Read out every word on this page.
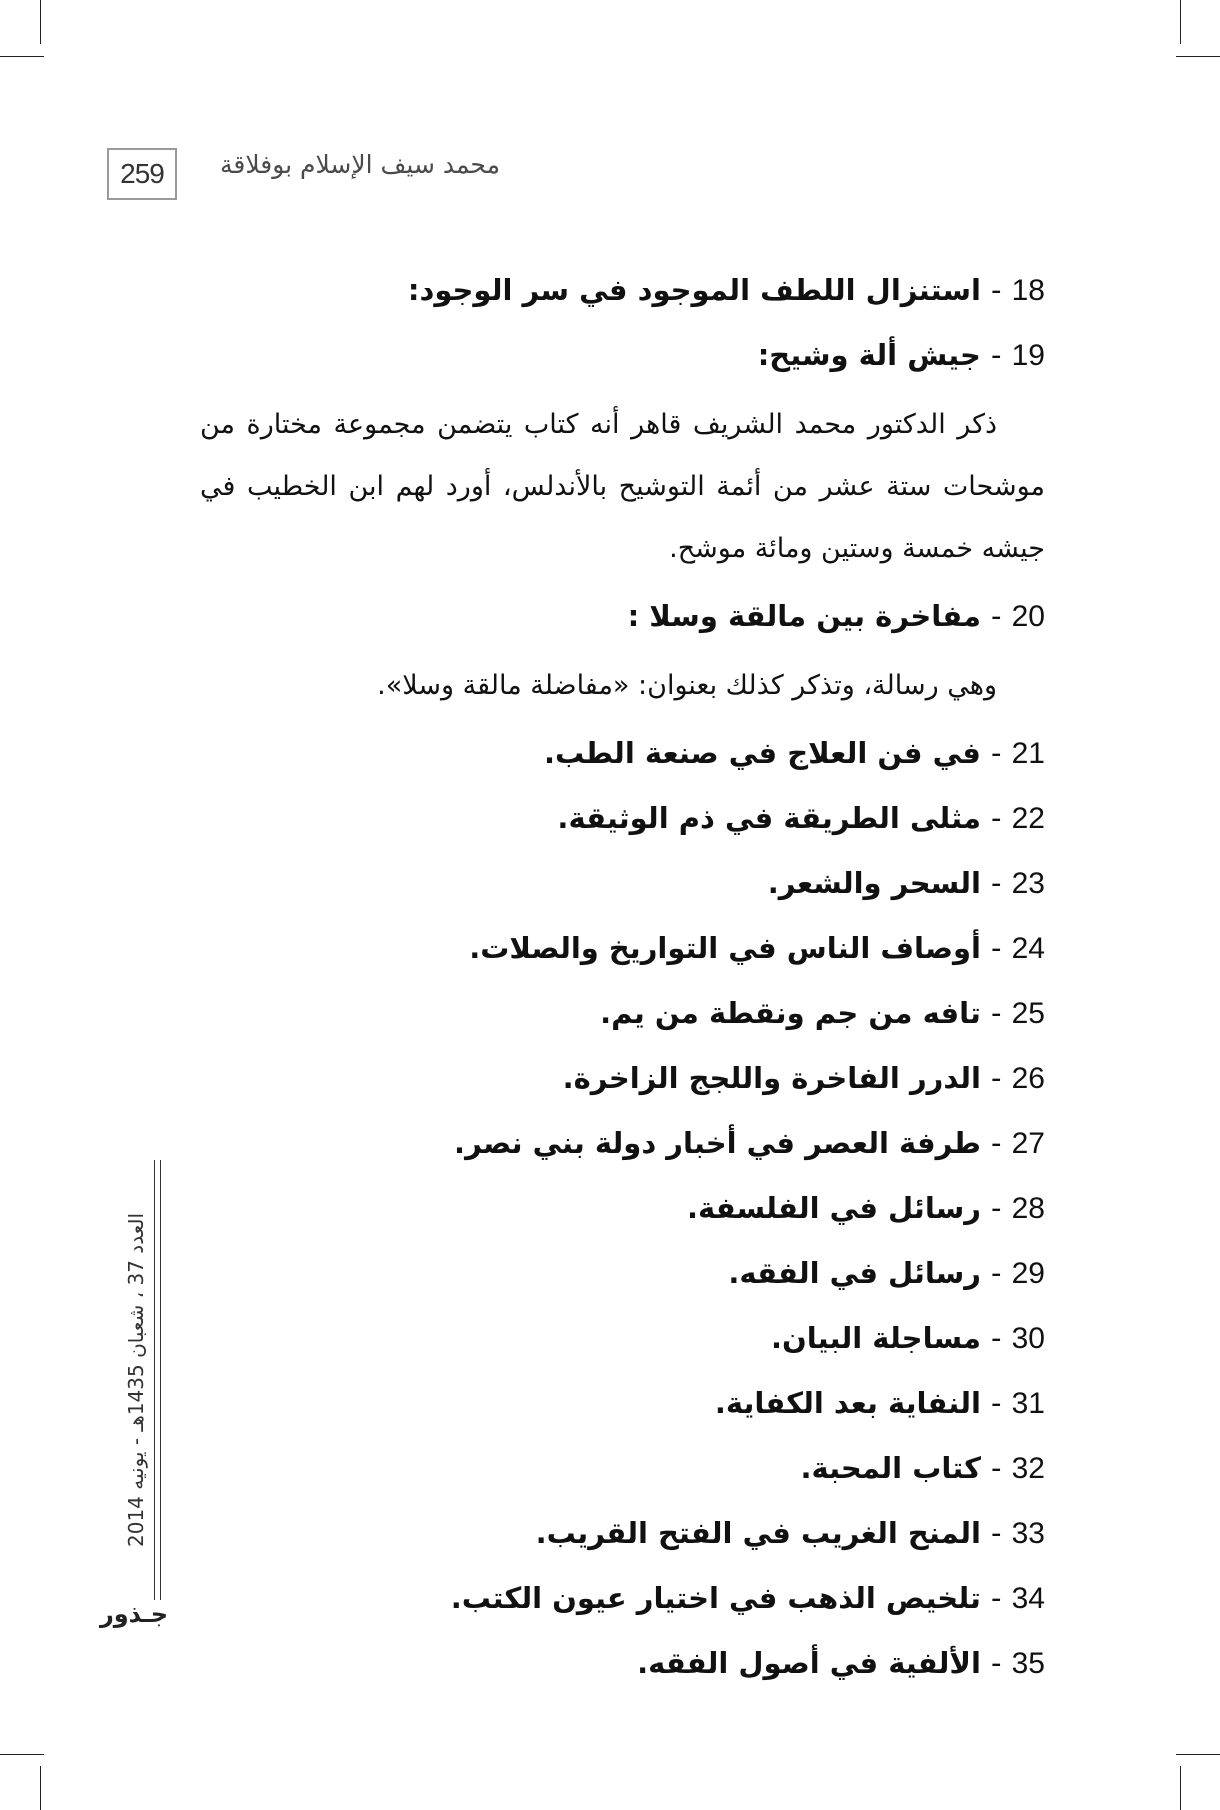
259	محمد سيف الإسلام بوفلاقة
العدد 37 ، شعبان 1435هـ - يونيه 2014
جـذور
18 - استنزال اللطف الموجود في سر الوجود:
19 - جيش ألة وشيح:

ذكر الدكتور محمد الشريف قاهر أنه كتاب يتضمن مجموعة مختارة من موشحات ستة عشر من أئمة التوشيح بالأندلس، أورد لهم ابن الخطيب في جيشه خمسة وستين ومائة موشح.

20 - مفاخرة بين مالقة وسلا :

وهي رسالة، وتذكر كذلك بعنوان: «مفاضلة مالقة وسلا».

21 - في فن العلاج في صنعة الطب.
22 - مثلى الطريقة في ذم الوثيقة.
23 - السحر والشعر.
24 - أوصاف الناس في التواريخ والصلات.
25 - تافه من جم ونقطة من يم.
26 - الدرر الفاخرة واللجج الزاخرة.
27 - طرفة العصر في أخبار دولة بني نصر.
28 - رسائل في الفلسفة.
29 - رسائل في الفقه.
30 - مساجلة البيان.
31 - النفاية بعد الكفاية.
32 - كتاب المحبة.
33 - المنح الغريب في الفتح القريب.
34 - تلخيص الذهب في اختيار عيون الكتب.
35 - الألفية في أصول الفقه.
